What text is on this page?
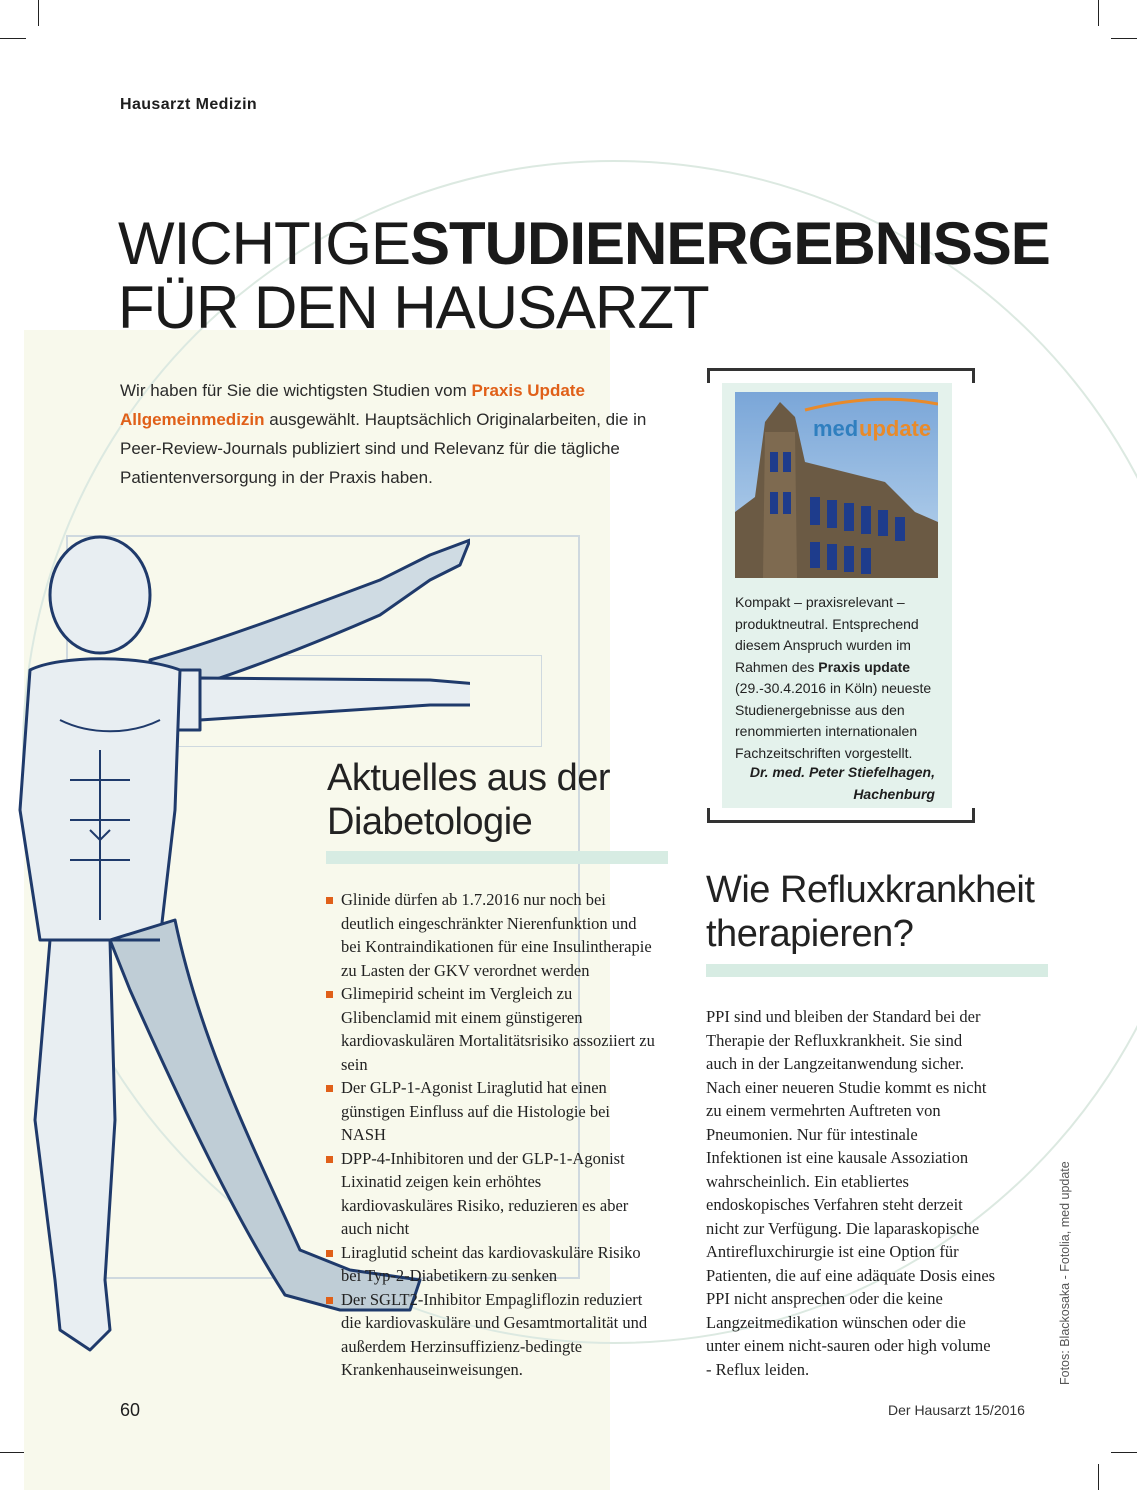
Hausarzt Medizin
WICHTIGESTUDIENERGEBNISSE
FÜR DEN HAUSARZT
Wir haben für Sie die wichtigsten Studien vom Praxis Update
Allgemeinmedizin ausgewählt. Hauptsächlich Originalarbeiten, die in Peer-Review-Journals publiziert sind und Relevanz für die tägliche Patientenversorgung in der Praxis haben.
med update
Kompakt – praxisrelevant – produktneutral. Entsprechend diesem Anspruch wurden im Rahmen des Praxis update (29.-30.4.2016 in Köln) neueste Studienergebnisse aus den renommierten internationalen Fachzeitschriften vorgestellt.
Dr. med. Peter Stiefelhagen,
Hachenburg
Aktuelles aus der
Diabetologie
Glinide dürfen ab 1.7.2016 nur noch bei deutlich eingeschränkter Nierenfunktion und bei Kontraindikationen für eine Insulintherapie zu Lasten der GKV verordnet werden
Glimepirid scheint im Vergleich zu Glibenclamid mit einem günstigeren kardiovaskulären Mortalitätsrisiko assoziiert zu sein
Der GLP-1-Agonist Liraglutid hat einen günstigen Einfluss auf die Histologie bei NASH
DPP-4-Inhibitoren und der GLP-1-Agonist Lixinatid zeigen kein erhöhtes kardiovaskuläres Risiko, reduzieren es aber auch nicht
Liraglutid scheint das kardiovaskuläre Risiko bei Typ-2-Diabetikern zu senken
Der SGLT2-Inhibitor Empagliflozin reduziert die kardiovaskuläre und Gesamtmortalität und außerdem Herzinsuffizienz-bedingte Krankenhauseinweisungen.
Wie Refluxkrankheit
therapieren?
PPI sind und bleiben der Standard bei der Therapie der Refluxkrankheit. Sie sind auch in der Langzeitanwendung sicher. Nach einer neueren Studie kommt es nicht zu einem vermehrten Auftreten von Pneumonien. Nur für intestinale Infektionen ist eine kausale Assoziation wahrscheinlich. Ein etabliertes endoskopisches Verfahren steht derzeit nicht zur Verfügung. Die laparaskopische Antirefluxchirurgie ist eine Option für Patienten, die auf eine adäquate Dosis eines PPI nicht ansprechen oder die keine Langzeitmedikation wünschen oder die unter einem nicht-sauren oder high volume - Reflux leiden.	Fotos: Blackosaka - Fotolia, med update
60	Der Hausarzt 15/2016
